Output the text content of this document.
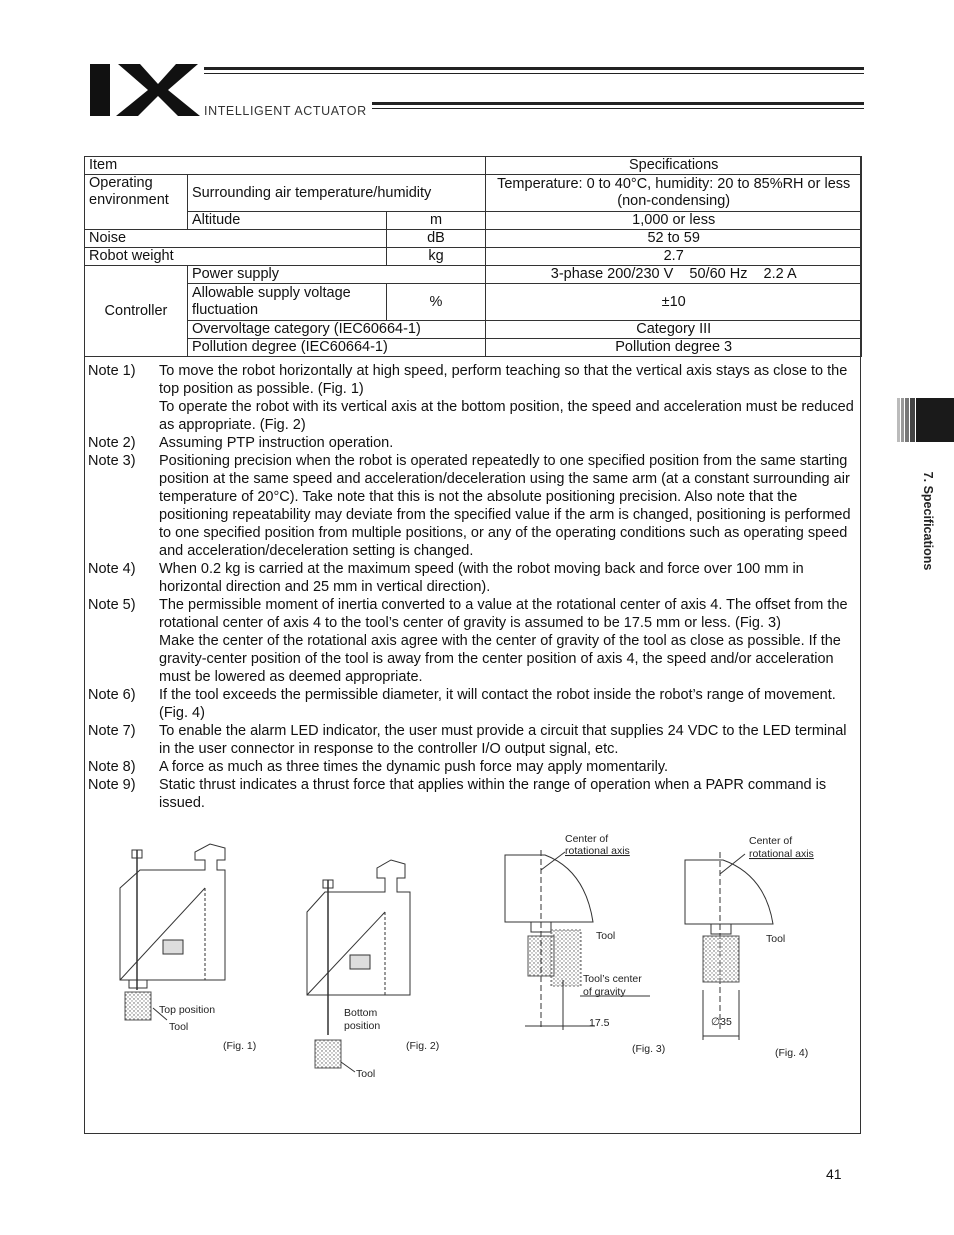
IX
INTELLIGENT ACTUATOR
7. Specifications
Item			Specifications
Operating environment	Surrounding air temperature/humidity		Temperature: 0 to 40°C, humidity: 20 to 85%RH or less (non-condensing)
	Altitude	m	1,000 or less
Noise		dB	52 to 59
Robot weight		kg	2.7
Controller	Power supply		3-phase 200/230 V    50/60 Hz    2.2 A
	Allowable supply voltage fluctuation	%	±10
	Overvoltage category (IEC60664-1)		Category III
	Pollution degree (IEC60664-1)		Pollution degree 3
Note 1)	To move the robot horizontally at high speed, perform teaching so that the vertical axis stays as close to the top position as possible. (Fig. 1)
To operate the robot with its vertical axis at the bottom position, the speed and acceleration must be reduced as appropriate. (Fig. 2)
Note 2)	Assuming PTP instruction operation.
Note 3)	Positioning precision when the robot is operated repeatedly to one specified position from the same starting position at the same speed and acceleration/deceleration using the same arm (at a constant surrounding air temperature of 20°C). Take note that this is not the absolute positioning precision. Also note that the positioning repeatability may deviate from the specified value if the arm is changed, positioning is performed to one specified position from multiple positions, or any of the operating conditions such as operating speed and acceleration/deceleration setting is changed.
Note 4)	When 0.2 kg is carried at the maximum speed (with the robot moving back and force over 100 mm in horizontal direction and 25 mm in vertical direction).
Note 5)	The permissible moment of inertia converted to a value at the rotational center of axis 4. The offset from the rotational center of axis 4 to the tool’s center of gravity is assumed to be 17.5 mm or less. (Fig. 3)
Make the center of the rotational axis agree with the center of gravity of the tool as close as possible. If the gravity-center position of the tool is away from the center position of axis 4, the speed and/or acceleration must be lowered as deemed appropriate.
Note 6)	If the tool exceeds the permissible diameter, it will contact the robot inside the robot’s range of movement. (Fig. 4)
Note 7)	To enable the alarm LED indicator, the user must provide a circuit that supplies 24 VDC to the LED terminal in the user connector in response to the controller I/O output signal, etc.
Note 8)	A force as much as three times the dynamic push force may apply momentarily.
Note 9)	Static thrust indicates a thrust force that applies within the range of operation when a PAPR command is issued.
Top position
Tool
(Fig. 1)
Bottom
position
(Fig. 2)
Tool
Center of
rotational axis
Tool
Tool’s center
of gravity
17.5
(Fig. 3)
Center of
rotational axis
Tool
∅35
(Fig. 4)
41
